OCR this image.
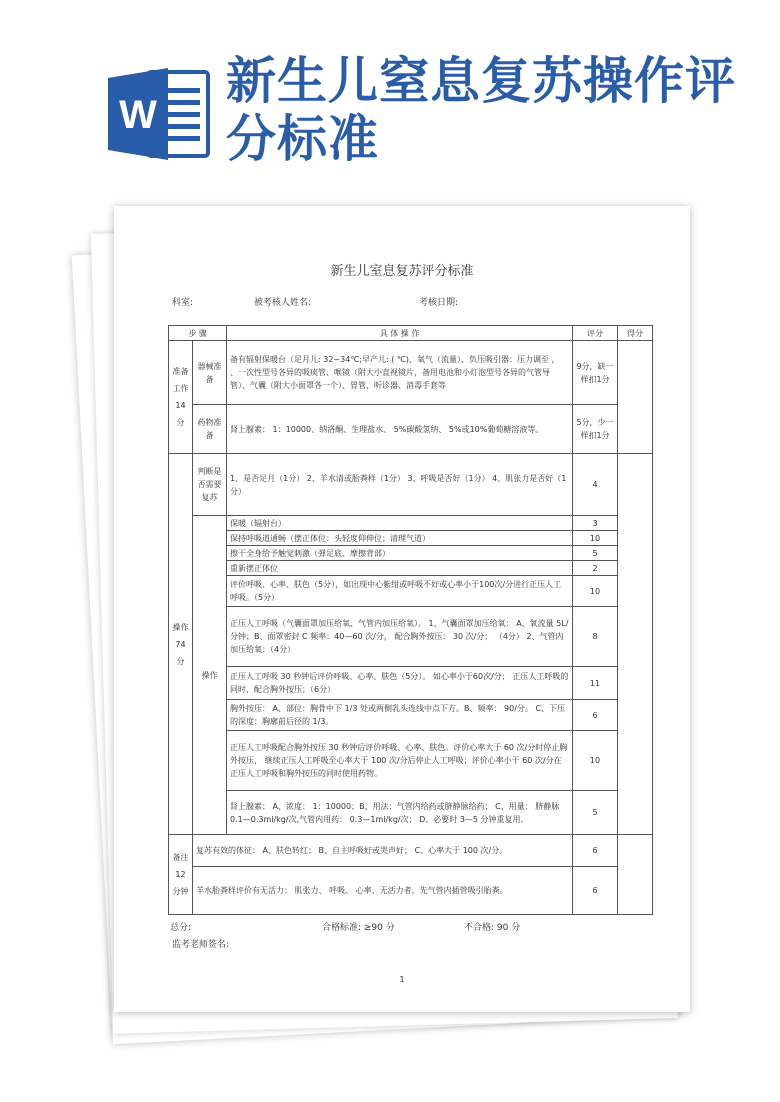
W
新生儿窒息复苏操作评分标准
新生儿室息复苏评分标准
科室:	被考核人姓名:	考核日期:
步 骤		具 体 操 作	评分	得分
准备工作14分	器械准备	备有辐射保暖台（足月儿: 32~34℃;早产儿: ( ℃)、氧气（流量）、负压吸引器：压力调至 ， 、一次性型号各异的吸痰管、喉镜（附大小直视镜片，备用电池和小灯泡型号各异的气管导管）、气囊（附大小面罩各一个）、胃管、听诊器、消毒手套等	9分，缺一样扣1分	
	药物准备	肾上腺素： 1：10000、纳洛酮、生理盐水、 5%碳酸氢纳、 5%或10%葡萄糖溶液等。	5分，少一样扣1分	
操作74分	判断是否需要复苏	1、是否足月（1分） 2、羊水清或胎粪样（1分） 3、呼吸是否好（1分） 4、肌张力是否好（1分）	4	
	操作	保暖（辐射台）	3	
		保持呼吸道通畅（摆正体位：头轻度仰伸位；清理气道）	10	
		擦干全身给予触觉刺激（弹足底、摩擦背部）	5	
		重新摆正体位	2	
		评价呼吸、心率、肤色（5分），如出现中心紫绀或呼吸不好或心率小于100次/分进行正压人工呼吸。（5分）	10	
		正压人工呼吸（气囊面罩加压给氧、气管内加压给氧）。 1、气囊面罩加压给氧： A、氧流量 5L/分钟；B、面罩密封 C 频率：40—60 次/分， 配合胸外按压： 30 次/分； （4分） 2、气管内加压给氧：（4分）	8	
		正压人工呼吸 30 秒钟后评价呼吸、心率、肤色（5分）。 如心率小于60次/分； 正压人工呼吸的同时，配合胸外按压；（6分）	11	
		胸外按压： A、部位：胸骨中下 1/3 处或两侧乳头连线中点下方。B、频率： 90/分。 C、下压的深度：胸廓前后径的 1/3。	6	
		正压人工呼吸配合胸外按压 30 秒钟后评价呼吸、心率、肤色。评价心率大于 60 次/分时停止胸外按压， 继续正压人工呼吸至心率大于 100 次/分后停止人工呼吸；评价心率小于 60 次/分在正压人工呼吸和胸外按压的同时使用药物。	10	
		肾上腺素： A、浓度： 1：10000；B、用法：气管内给药或脐静脉给药； C、用量： 脐静脉 0.1—0.3ml/kg/次,气管内用药： 0.3—1ml/kg/次； D、必要时 3—5 分钟重复用。	5	
备注12分钟	复苏有效的体征： A、肤色转红； B、自主呼吸好或哭声好； C、心率大于 100 次/分。		6	
	羊水胎粪样评价有无活力： 肌张力、 呼吸、 心率、无活力者，先气管内插管吸引胎粪。		6	
总分:	合格标准: ≥90 分	不合格: 90 分
监考老师签名:
1
